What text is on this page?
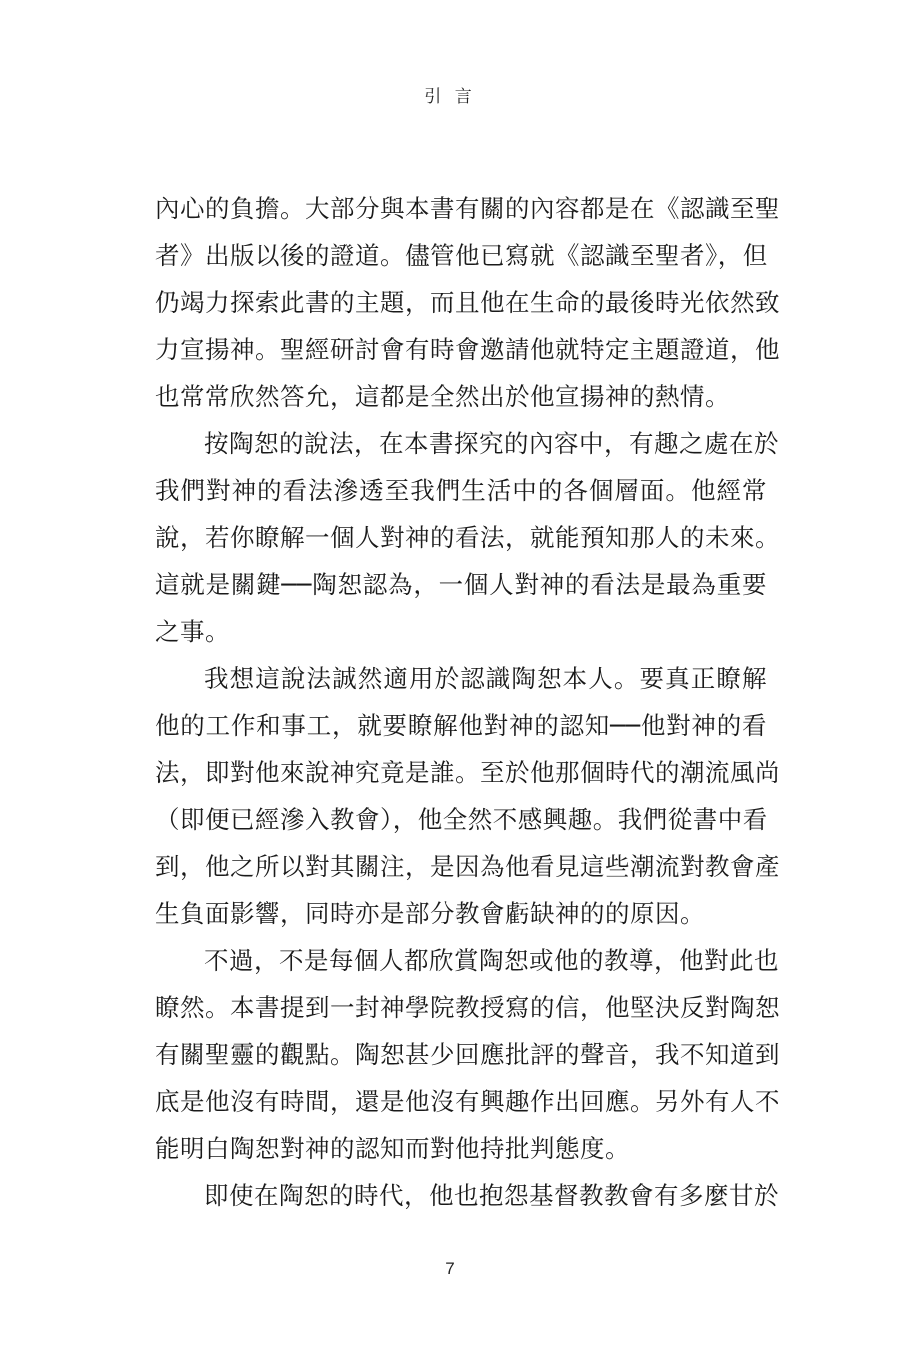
引 言
內心的負擔。大部分與本書有關的內容都是在《認識至聖
者》出版以後的證道。儘管他已寫就《認識至聖者》，但
仍竭力探索此書的主題，而且他在生命的最後時光依然致
力宣揚神。聖經研討會有時會邀請他就特定主題證道，他
也常常欣然答允，這都是全然出於他宣揚神的熱情。
按陶恕的說法，在本書探究的內容中，有趣之處在於
我們對神的看法滲透至我們生活中的各個層面。他經常
說，若你瞭解一個人對神的看法，就能預知那人的未來。
這就是關鍵──陶恕認為，一個人對神的看法是最為重要
之事。
我想這說法誠然適用於認識陶恕本人。要真正瞭解
他的工作和事工，就要瞭解他對神的認知──他對神的看
法，即對他來說神究竟是誰。至於他那個時代的潮流風尚
（即便已經滲入教會），他全然不感興趣。我們從書中看
到，他之所以對其關注，是因為他看見這些潮流對教會產
生負面影響，同時亦是部分教會虧缺神的的原因。
不過，不是每個人都欣賞陶恕或他的教導，他對此也
瞭然。本書提到一封神學院教授寫的信，他堅決反對陶恕
有關聖靈的觀點。陶恕甚少回應批評的聲音，我不知道到
底是他沒有時間，還是他沒有興趣作出回應。另外有人不
能明白陶恕對神的認知而對他持批判態度。
即使在陶恕的時代，他也抱怨基督教教會有多麼甘於
7
